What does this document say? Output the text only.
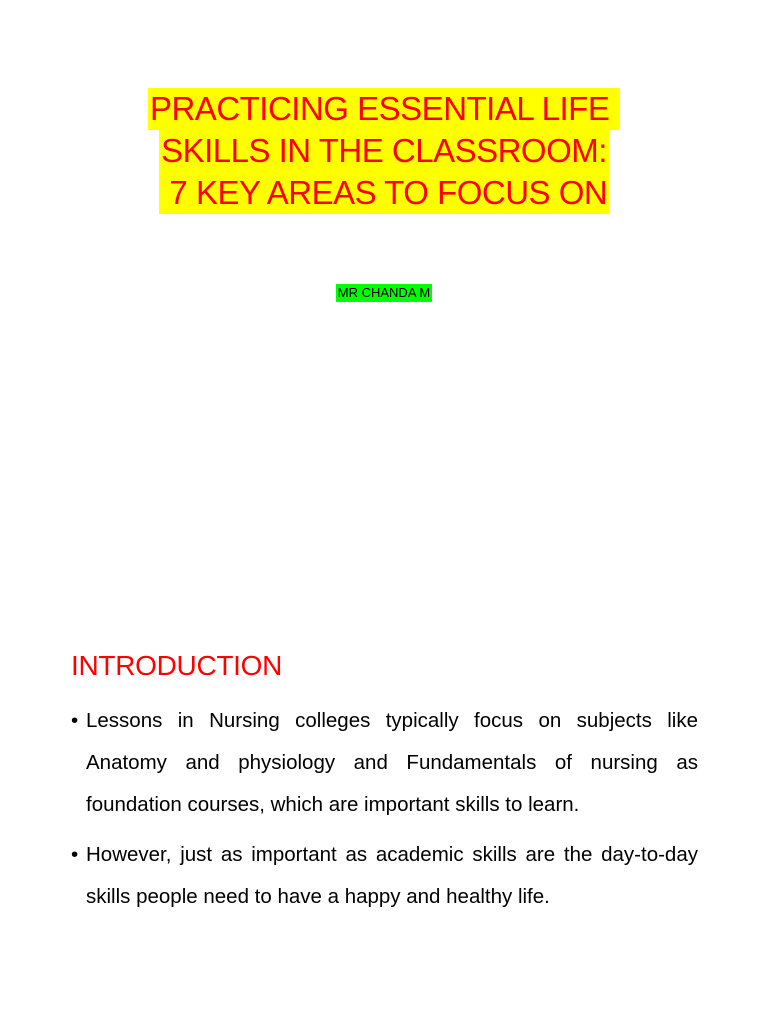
PRACTICING ESSENTIAL LIFE
SKILLS IN THE CLASSROOM:
7 KEY AREAS TO FOCUS ON
MR CHANDA M
INTRODUCTION
• Lessons in Nursing colleges typically focus on subjects like Anatomy and physiology and Fundamentals of nursing as foundation courses, which are important skills to learn.
• However, just as important as academic skills are the day-to-day skills people need to have a happy and healthy life.
